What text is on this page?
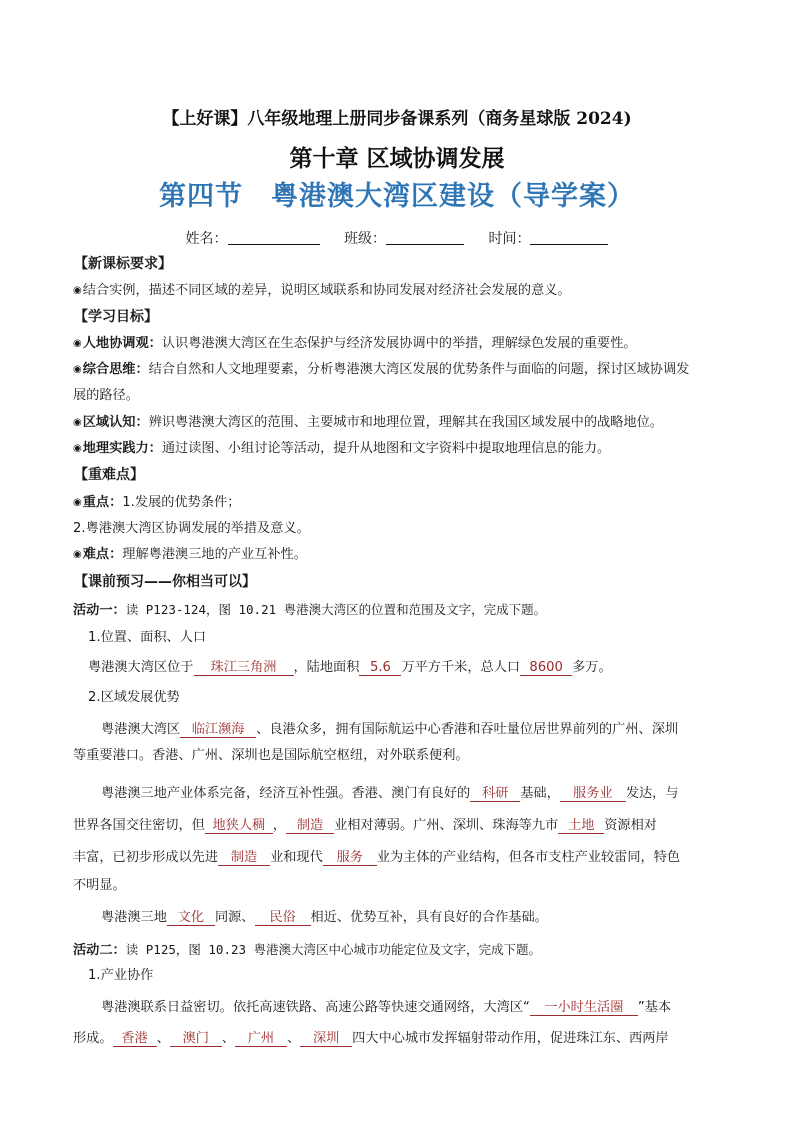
【上好课】八年级地理上册同步备课系列（商务星球版 2024)
第十章 区域协调发展
第四节 粤港澳大湾区建设（导学案）
姓名：	班级：	时间：
【新课标要求】
◉结合实例，描述不同区域的差异，说明区域联系和协同发展对经济社会发展的意义。
【学习目标】
◉人地协调观：认识粤港澳大湾区在生态保护与经济发展协调中的举措，理解绿色发展的重要性。
◉综合思维：结合自然和人文地理要素，分析粤港澳大湾区发展的优势条件与面临的问题，探讨区域协调发
展的路径。
◉区域认知：辨识粤港澳大湾区的范围、主要城市和地理位置，理解其在我国区域发展中的战略地位。
◉地理实践力：通过读图、小组讨论等活动，提升从地图和文字资料中提取地理信息的能力。
【重难点】
◉重点：1.发展的优势条件；
2.粤港澳大湾区协调发展的举措及意义。
◉难点：理解粤港澳三地的产业互补性。
【课前预习——你相当可以】
活动一：读 P123-124，图 10.21 粤港澳大湾区的位置和范围及文字，完成下题。
1.位置、面积、人口
粤港澳大湾区位于 珠江三角洲 ，陆地面积 5.6 万平方千米，总人口 8600 多万。
2.区域发展优势
粤港澳大湾区 临江濒海 、良港众多，拥有国际航运中心香港和吞吐量位居世界前列的广州、深圳
等重要港口。香港、广州、深圳也是国际航空枢纽，对外联系便利。
粤港澳三地产业体系完备，经济互补性强。香港、澳门有良好的 科研 基础， 服务业 发达，与
世界各国交往密切，但 地狭人稠 ， 制造 业相对薄弱。广州、深圳、珠海等九市 土地 资源相对
丰富，已初步形成以先进 制造 业和现代 服务 业为主体的产业结构，但各市支柱产业较雷同，特色
不明显。
粤港澳三地 文化 同源、 民俗 相近、优势互补，具有良好的合作基础。
活动二：读 P125，图 10.23 粤港澳大湾区中心城市功能定位及文字，完成下题。
1.产业协作
粤港澳联系日益密切。依托高速铁路、高速公路等快速交通网络，大湾区“ 一小时生活圈 ”基本
形成。 香港 、 澳门 、 广州 、 深圳 四大中心城市发挥辐射带动作用，促进珠江东、西两岸
